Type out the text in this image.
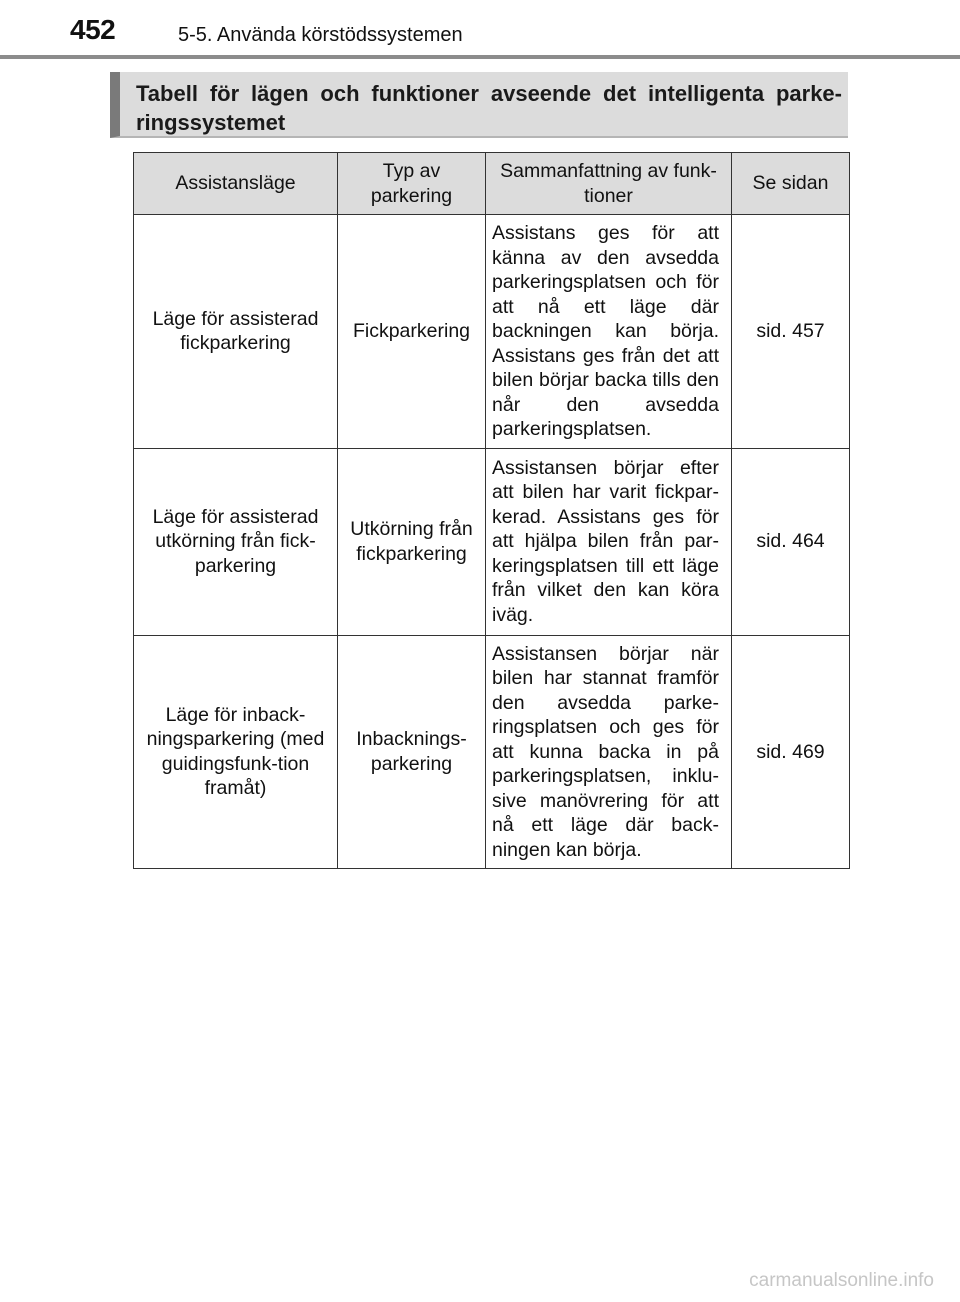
452	5-5. Använda körstödssystemen
Tabell för lägen och funktioner avseende det intelligenta parke-ringssystemet
Assistansläge	Typ av parkering	Sammanfattning av funk-tioner	Se sidan
Läge för assisterad fickparkering	Fickparkering	Assistans ges för att känna av den avsedda parkeringsplatsen och för att nå ett läge där backningen kan börja. Assistans ges från det att bilen börjar backa tills den når den avsedda parkeringsplatsen.	sid. 457
Läge för assisterad utkörning från fick-parkering	Utkörning från fickparkering	Assistansen börjar efter att bilen har varit fickpar-kerad. Assistans ges för att hjälpa bilen från par-keringsplatsen till ett läge från vilket den kan köra iväg.	sid. 464
Läge för inback-ningsparkering (med guidingsfunk-tion framåt)	Inbacknings-parkering	Assistansen börjar när bilen har stannat framför den avsedda parke-ringsplatsen och ges för att kunna backa in på parkeringsplatsen, inklu-sive manövrering för att nå ett läge där back-ningen kan börja.	sid. 469
carmanualsonline.info
